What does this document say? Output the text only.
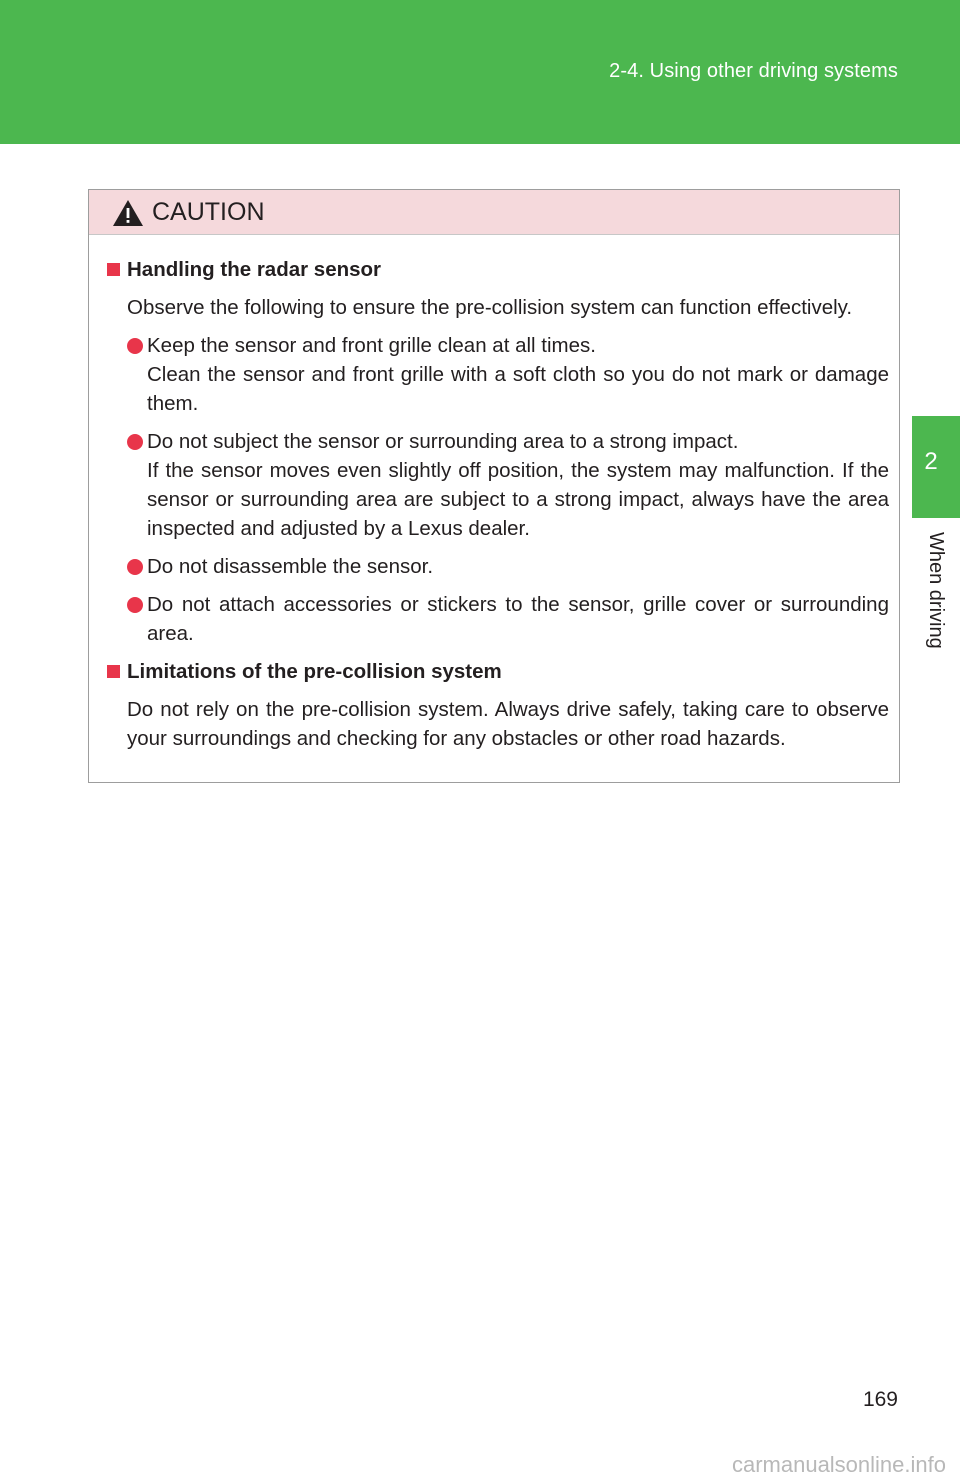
2-4. Using other driving systems
2
When driving
CAUTION
Handling the radar sensor
Observe the following to ensure the pre-collision system can function effectively.
Keep the sensor and front grille clean at all times.
Clean the sensor and front grille with a soft cloth so you do not mark or damage them.
Do not subject the sensor or surrounding area to a strong impact.
If the sensor moves even slightly off position, the system may malfunction. If the sensor or surrounding area are subject to a strong impact, always have the area inspected and adjusted by a Lexus dealer.
Do not disassemble the sensor.
Do not attach accessories or stickers to the sensor, grille cover or surrounding area.
Limitations of the pre-collision system
Do not rely on the pre-collision system. Always drive safely, taking care to observe your surroundings and checking for any obstacles or other road hazards.
169
carmanualsonline.info
